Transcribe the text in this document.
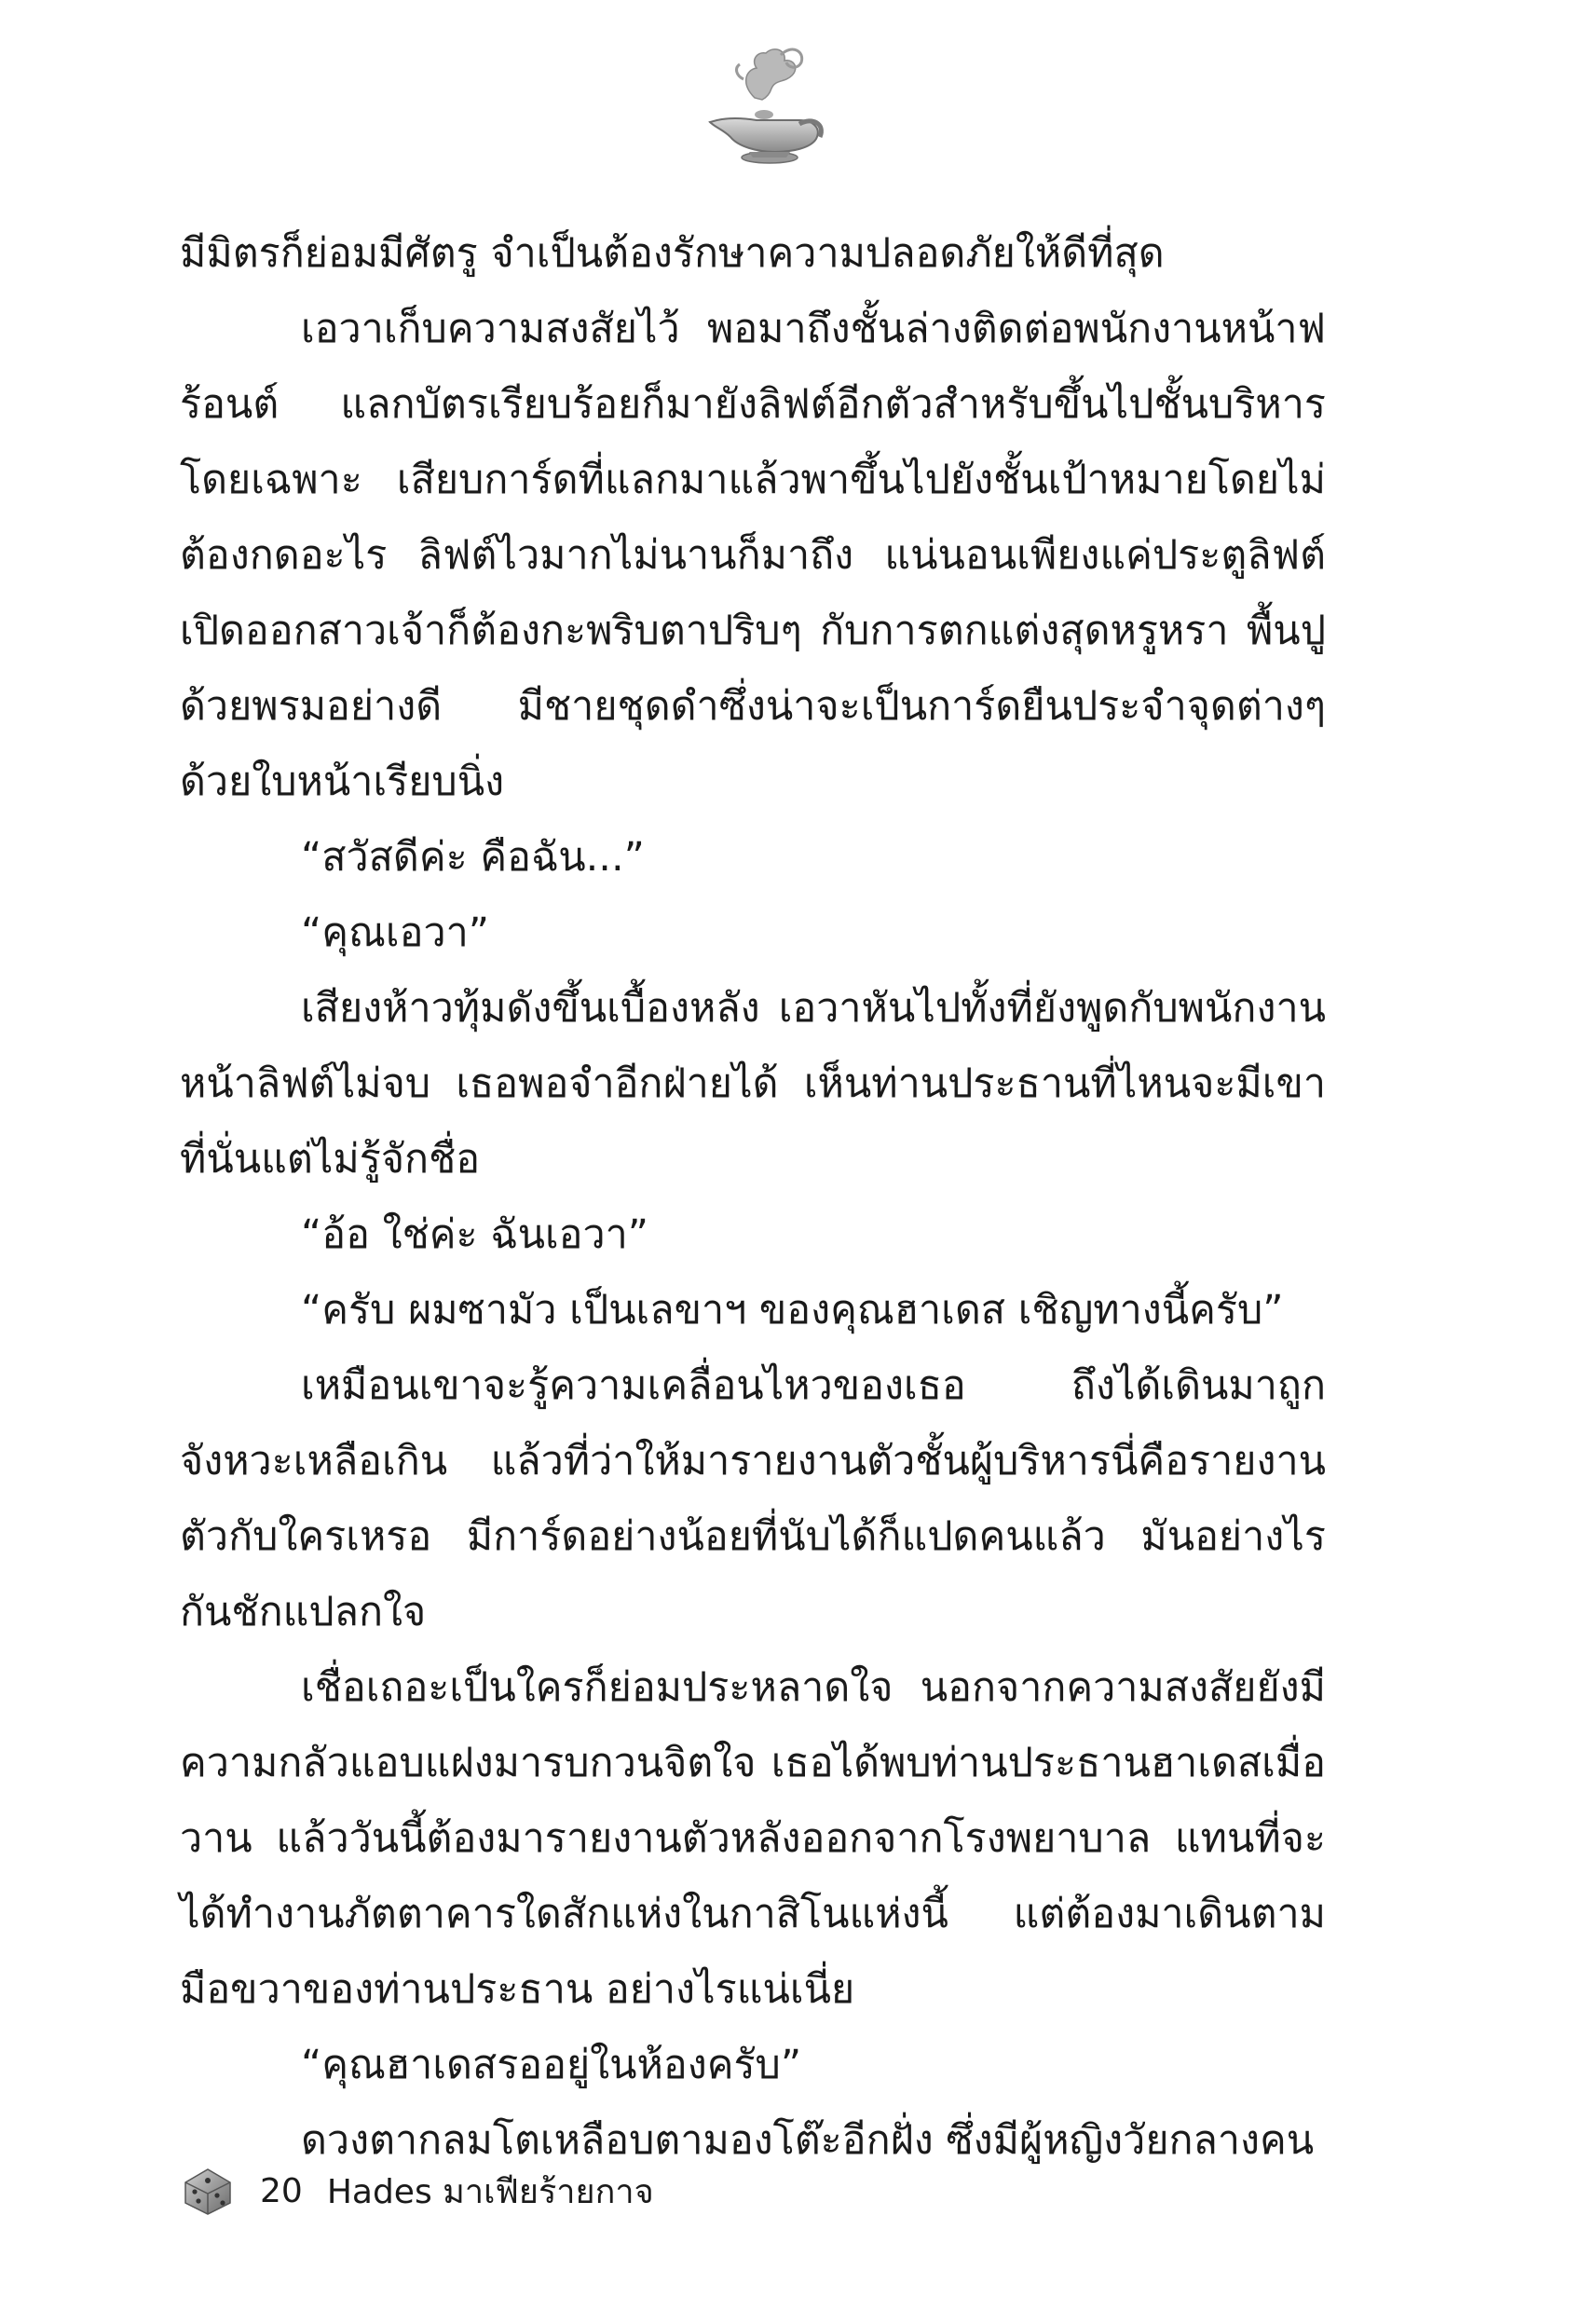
มีมิตรก็ย่อมมีศัตรู จำเป็นต้องรักษาความปลอดภัยให้ดีที่สุด

เอวาเก็บความสงสัยไว้ พอมาถึงชั้นล่างติดต่อพนักงานหน้าฟร้อนต์ แลกบัตรเรียบร้อยก็มายังลิฟต์อีกตัวสำหรับขึ้นไปชั้นบริหารโดยเฉพาะ เสียบการ์ดที่แลกมาแล้วพาขึ้นไปยังชั้นเป้าหมายโดยไม่ต้องกดอะไร ลิฟต์ไวมากไม่นานก็มาถึง แน่นอนเพียงแค่ประตูลิฟต์เปิดออกสาวเจ้าก็ต้องกะพริบตาปริบๆ กับการตกแต่งสุดหรูหรา พื้นปูด้วยพรมอย่างดี มีชายชุดดำซึ่งน่าจะเป็นการ์ดยืนประจำจุดต่างๆ ด้วยใบหน้าเรียบนิ่ง

“สวัสดีค่ะ คือฉัน...”

“คุณเอวา”

เสียงห้าวทุ้มดังขึ้นเบื้องหลัง เอวาหันไปทั้งที่ยังพูดกับพนักงานหน้าลิฟต์ไม่จบ เธอพอจำอีกฝ่ายได้ เห็นท่านประธานที่ไหนจะมีเขาที่นั่นแต่ไม่รู้จักชื่อ

“อ้อ ใช่ค่ะ ฉันเอวา”

“ครับ ผมซามัว เป็นเลขาฯ ของคุณฮาเดส เชิญทางนี้ครับ”

เหมือนเขาจะรู้ความเคลื่อนไหวของเธอ ถึงได้เดินมาถูกจังหวะเหลือเกิน แล้วที่ว่าให้มารายงานตัวชั้นผู้บริหารนี่คือรายงานตัวกับใครเหรอ มีการ์ดอย่างน้อยที่นับได้ก็แปดคนแล้ว มันอย่างไรกันชักแปลกใจ

เชื่อเถอะเป็นใครก็ย่อมประหลาดใจ นอกจากความสงสัยยังมีความกลัวแอบแฝงมารบกวนจิตใจ เธอได้พบท่านประธานฮาเดสเมื่อวาน แล้ววันนี้ต้องมารายงานตัวหลังออกจากโรงพยาบาล แทนที่จะได้ทำงานภัตตาคารใดสักแห่งในกาสิโนแห่งนี้ แต่ต้องมาเดินตามมือขวาของท่านประธาน อย่างไรแน่เนี่ย

“คุณฮาเดสรออยู่ในห้องครับ”

ดวงตากลมโตเหลือบตามองโต๊ะอีกฝั่ง ซึ่งมีผู้หญิงวัยกลางคน

20 Hades มาเฟียร้ายกาจ
